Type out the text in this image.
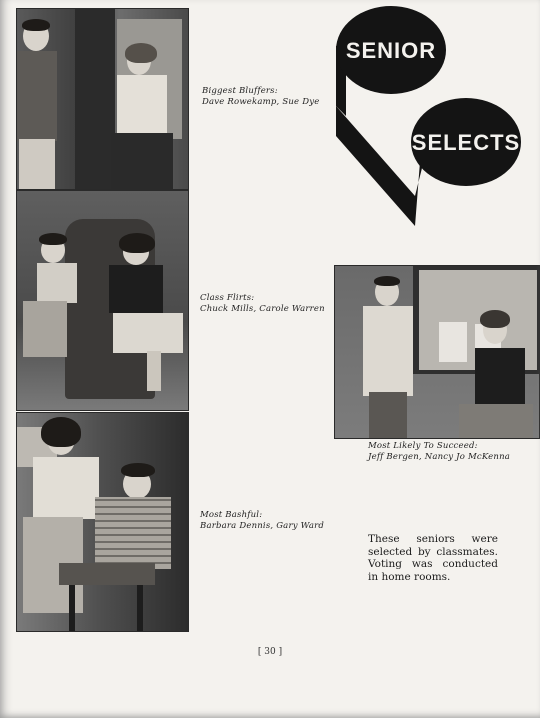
SENIOR
SELECTS
Biggest Bluffers:
Dave Rowekamp, Sue Dye
Class Flirts:
Chuck Mills, Carole Warren
Most Likely To Succeed:
Jeff Bergen, Nancy Jo McKenna
Most Bashful:
Barbara Dennis, Gary Ward
These seniors were selected by classmates. Voting was conducted in home rooms.
[ 30 ]
